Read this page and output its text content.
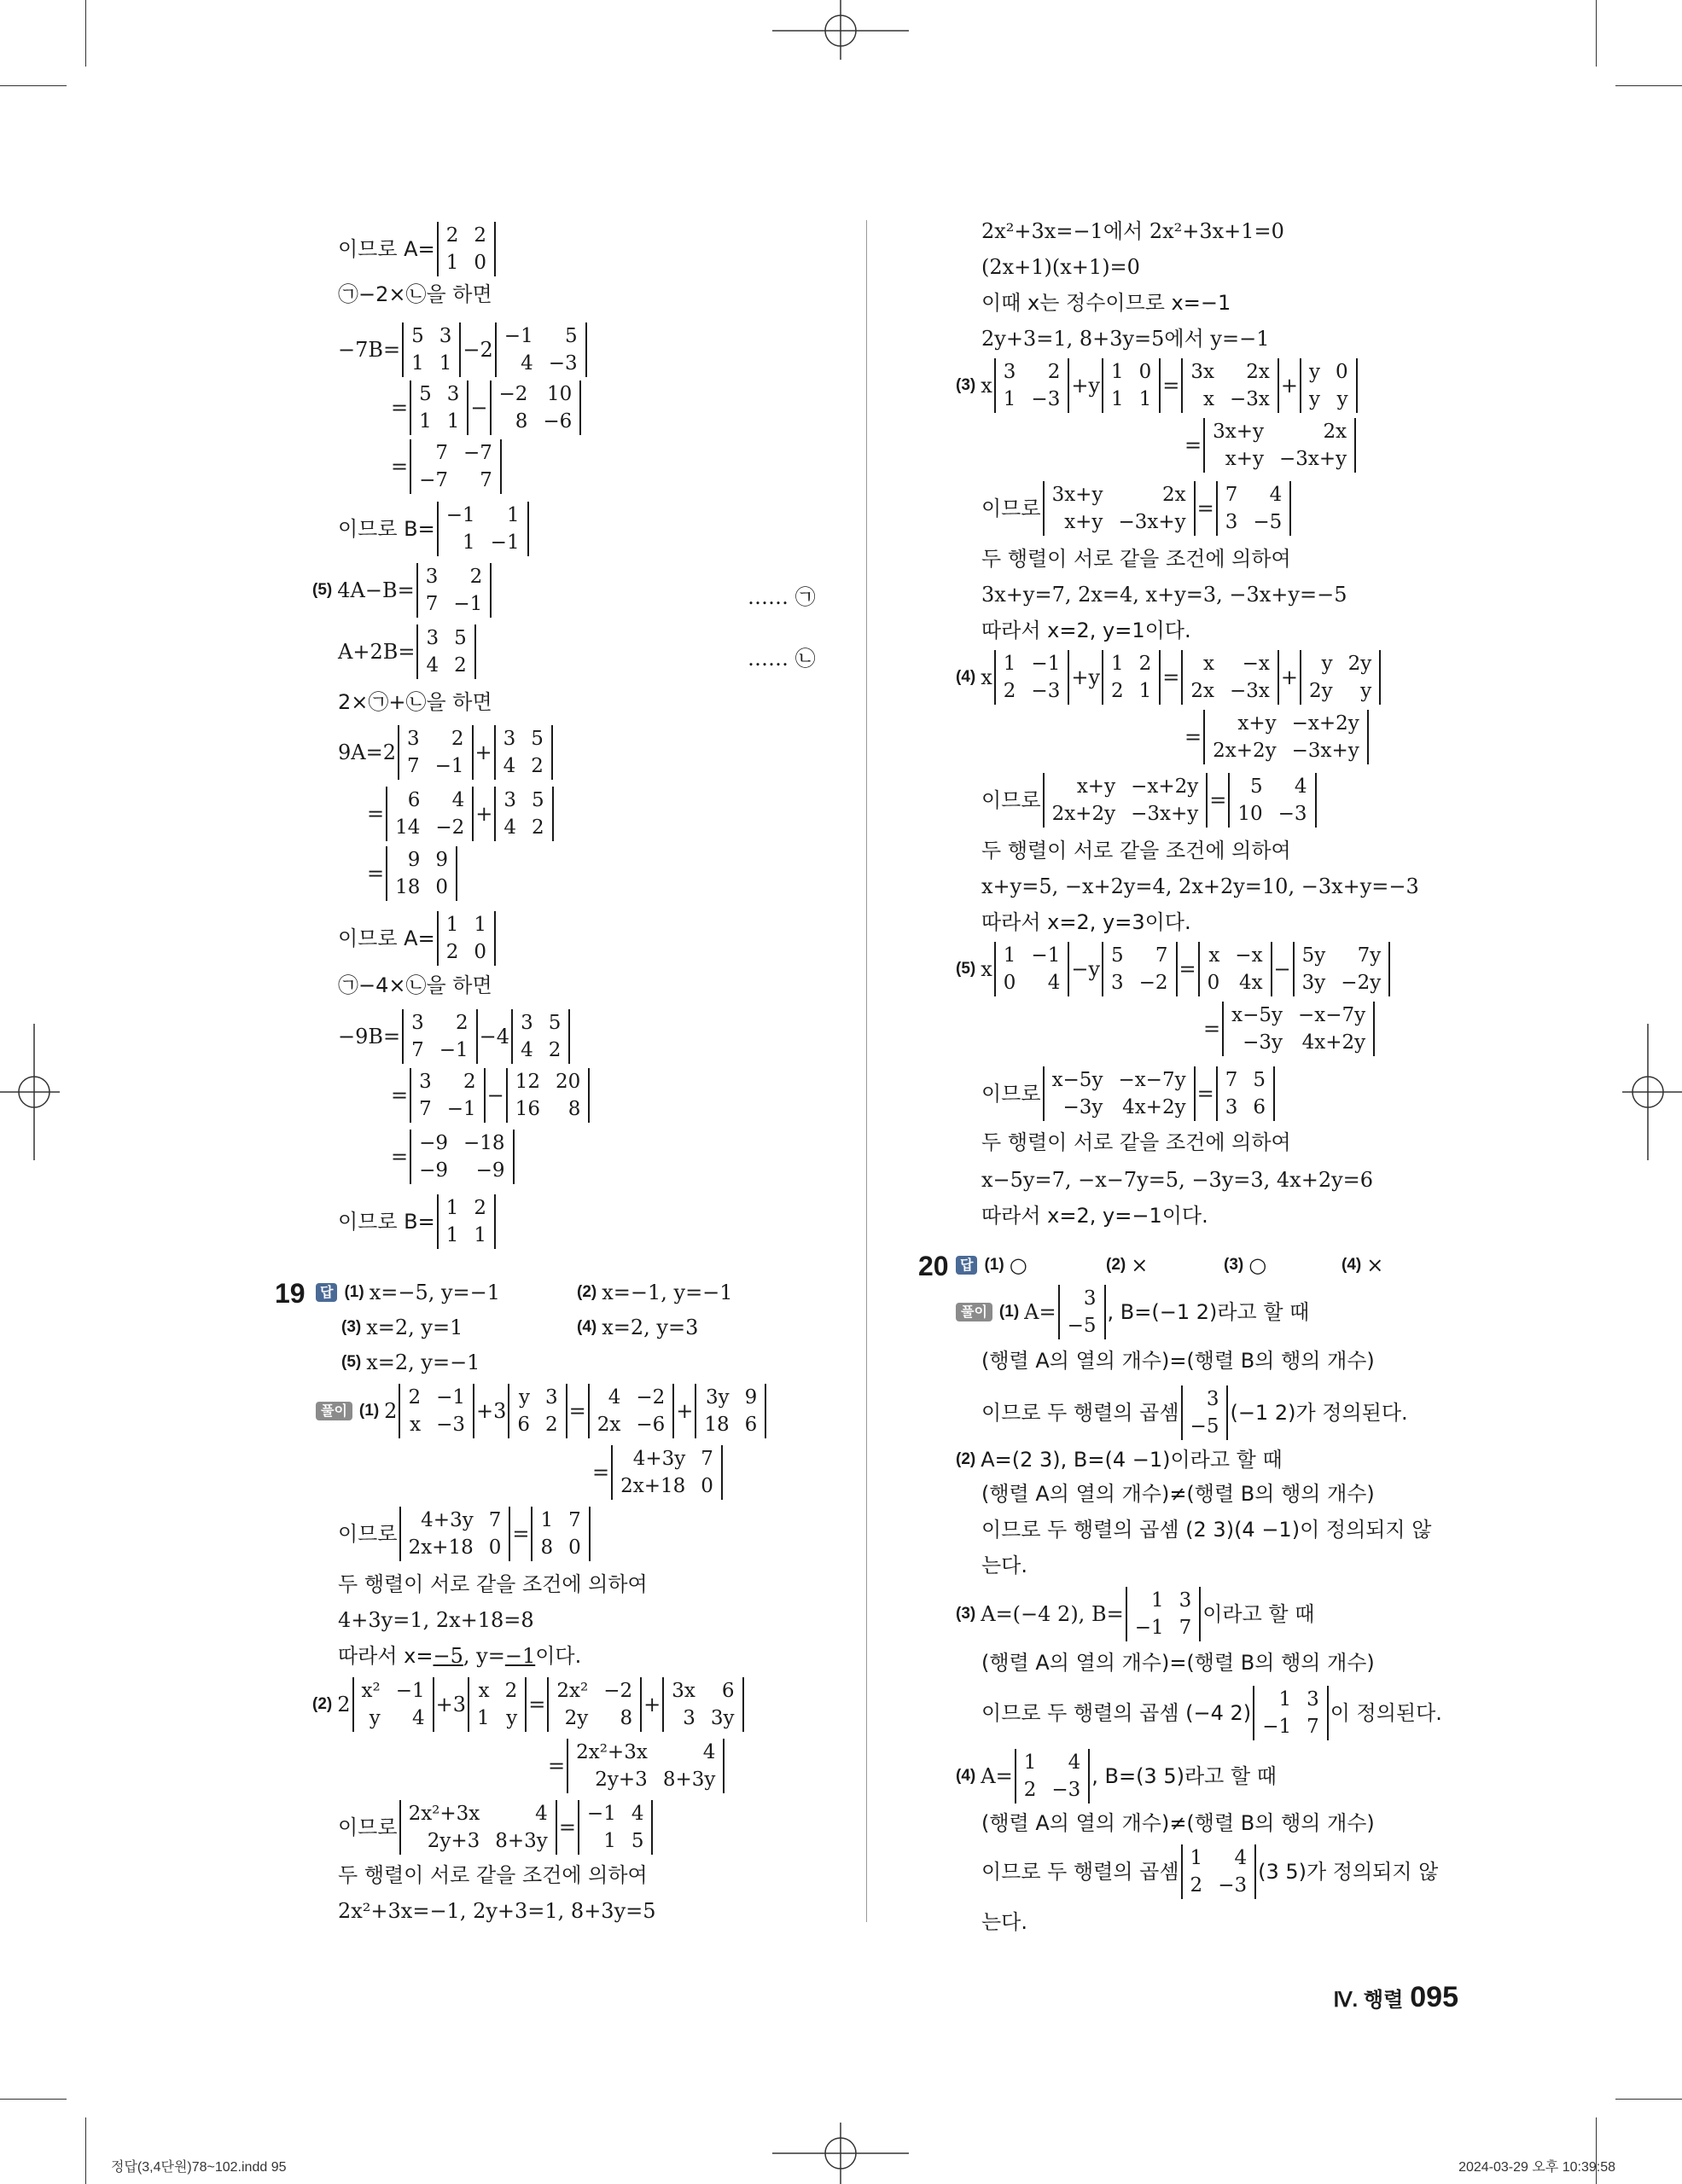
이므로 A=
2	2
1	0
㉠−2×㉡을 하면
−7B=
5	3
1	1
−2
−1	5
4	−3
=
5	3
1	1
−
−2	10
8	−6
=
7	−7
−7	7
이므로 B=
−1	1
1	−1
(5) 4A−B=
3	2
7	−1	…… ㉠
A+2B=
3	5
4	2	…… ㉡
2×㉠+㉡을 하면
9A=2
3	2
7	−1
+
3	5
4	2
=
6	4
14	−2
+
3	5
4	2
=
9	9
18	0
이므로 A=
1	1
2	0
㉠−4×㉡을 하면
−9B=
3	2
7	−1
−4
3	5
4	2
=
3	2
7	−1
−
12	20
16	8
=
−9	−18
−9	−9
이므로 B=
1	2
1	1
19	답 (1) x=−5, y=−1	(2) x=−1, y=−1
(3) x=2, y=1	(4) x=2, y=3
(5) x=2, y=−1
풀이 (1) 2
2	−1
x	−3
+3
y	3
6	2
=
4	−2
2x	−6
+
3y	9
18	6
=
4+3y	7
2x+18	0
이므로
4+3y	7
2x+18	0
=
1	7
8	0
두 행렬이 서로 같을 조건에 의하여
4+3y=1, 2x+18=8
따라서 x= −5 , y= −1 이다.
(2) 2
x²	−1
y	4
+3
x	2
1	y
=
2x²	−2
2y	8
+
3x	6
3	3y
=
2x²+3x	4
2y+3	8+3y
이므로
2x²+3x	4
2y+3	8+3y
=
−1	4
1	5
두 행렬이 서로 같을 조건에 의하여
2x²+3x=−1, 2y+3=1, 8+3y=5
2x²+3x=−1에서 2x²+3x+1=0
(2x+1)(x+1)=0
이때 x는 정수이므로 x=−1
2y+3=1, 8+3y=5에서 y=−1
(3) x
3	2
1	−3
+y
1	0
1	1
=
3x	2x
x	−3x
+
y	0
y	y
=
3x+y	2x
x+y	−3x+y
이므로
3x+y	2x
x+y	−3x+y
=
7	4
3	−5
두 행렬이 서로 같을 조건에 의하여
3x+y=7, 2x=4, x+y=3, −3x+y=−5
따라서 x=2, y=1이다.
(4) x
1	−1
2	−3
+y
1	2
2	1
=
x	−x
2x	−3x
+
y	2y
2y	y
=
x+y	−x+2y
2x+2y	−3x+y
이므로
x+y	−x+2y
2x+2y	−3x+y
=
5	4
10	−3
두 행렬이 서로 같을 조건에 의하여
x+y=5, −x+2y=4, 2x+2y=10, −3x+y=−3
따라서 x=2, y=3이다.
(5) x
1	−1
0	4
−y
5	7
3	−2
=
x	−x
0	4x
−
5y	7y
3y	−2y
=
x−5y	−x−7y
−3y	4x+2y
이므로
x−5y	−x−7y
−3y	4x+2y
=
7	5
3	6
두 행렬이 서로 같을 조건에 의하여
x−5y=7, −x−7y=5, −3y=3, 4x+2y=6
따라서 x=2, y=−1이다.
20 답 (1) ○	(2) ×	(3) ○	(4) ×
풀이 (1) A=
3
−5
, B=(−1 2)라고 할 때
(행렬 A의 열의 개수)=(행렬 B의 행의 개수)
이므로 두 행렬의 곱셈
3
−5
(−1 2)가 정의된다.
(2) A=(2 3), B=(4 −1)이라고 할 때
(행렬 A의 열의 개수)≠(행렬 B의 행의 개수)
이므로 두 행렬의 곱셈 (2 3)(4 −1)이 정의되지 않
는다.
(3) A=(−4 2), B=
1	3
−1	7
이라고 할 때
(행렬 A의 열의 개수)=(행렬 B의 행의 개수)
이므로 두 행렬의 곱셈 (−4 2)
1	3
−1	7
이 정의된다.
(4) A=
1	4
2	−3
, B=(3 5)라고 할 때
(행렬 A의 열의 개수)≠(행렬 B의 행의 개수)
이므로 두 행렬의 곱셈
1	4
2	−3
(3 5)가 정의되지 않
는다.
Ⅳ. 행렬 095
정답(3,4단원)78~102.indd 95	2024-03-29 오후 10:39:58
